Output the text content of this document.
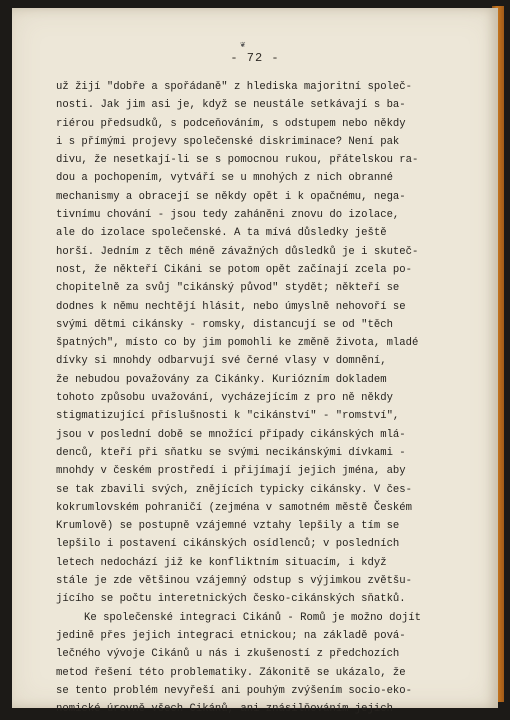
❦
- 72 -
už žijí "dobře a spořádaně" z hlediska majoritní společ-
nosti. Jak jim asi je, když se neustále setkávají s ba-
riérou předsudků, s podceňováním, s odstupem nebo někdy
i s přímými projevy společenské diskriminace? Není pak
divu, že nesetkají-li se s pomocnou rukou, přátelskou ra-
dou a pochopením, vytváří se u mnohých z nich obranné
mechanismy a obracejí se někdy opět i k opačnému, nega-
tivnímu chování - jsou tedy zaháněni znovu do izolace,
ale do izolace společenské. A ta mívá důsledky ještě
horší. Jedním z těch méně závažných důsledků je i skuteč-
nost, že někteří Cikáni se potom opět začínají zcela po-
chopitelně za svůj "cikánský původ" stydět; někteří se
dodnes k němu nechtějí hlásit, nebo úmyslně nehovoří se
svými dětmi cikánsky - romsky, distancují se od "těch
špatných", místo co by jim pomohli ke změně života, mladé
dívky si mnohdy odbarvují své černé vlasy v domnění,
že nebudou považovány za Cikánky. Kuriózním dokladem
tohoto způsobu uvažování, vycházejícím z pro ně někdy
stigmatizující příslušnosti k "cikánství" - "romství",
jsou v poslední době se množící případy cikánských mlá-
denců, kteří při sňatku se svými necikánskými dívkami -
mnohdy v českém prostředí i přijímají jejich jména, aby
se tak zbavili svých, znějících typicky cikánsky. V čes-
kokrumlovském pohraničí (zejména v samotném městě Českém
Krumlově) se postupně vzájemné vztahy lepšily a tím se
lepšilo i postavení cikánských osídlenců; v posledních
letech nedochází již ke konfliktním situacím, i když
stále je zde většinou vzájemný odstup s výjimkou zvětšu-
jícího se počtu interetnických česko-cikánských sňatků.
Ke společenské integraci Cikánů - Romů je možno dojít
jedině přes jejich integraci etnickou; na základě pová-
lečného vývoje Cikánů u nás i zkušeností z předchozích
metod řešení této problematiky. Zákonitě se ukázalo, že
se tento problém nevyřeší ani pouhým zvýšením socio-eko-
nomické úrovně všech Cikánů, ani znásilňováním jejich
